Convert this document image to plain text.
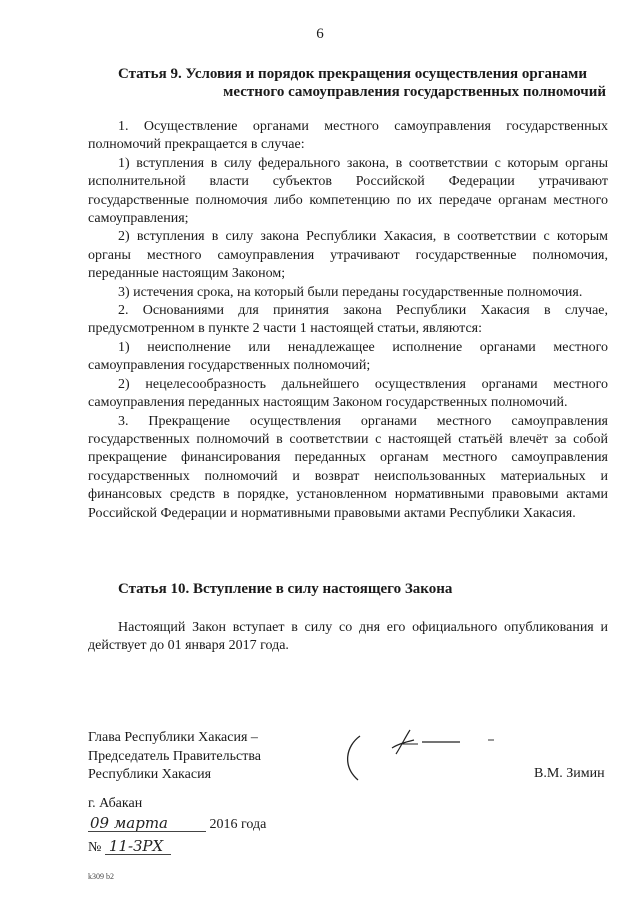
6
Статья 9. Условия и порядок прекращения осуществления органами
местного самоуправления государственных полномочий

1. Осуществление органами местного самоуправления государственных полномочий прекращается в случае:

1) вступления в силу федерального закона, в соответствии с которым органы исполнительной власти субъектов Российской Федерации утрачивают государственные полномочия либо компетенцию по их передаче органам местного самоуправления;

2) вступления в силу закона Республики Хакасия, в соответствии с которым органы местного самоуправления утрачивают государственные полномочия, переданные настоящим Законом;

3) истечения срока, на который были переданы государственные полномочия.

2. Основаниями для принятия закона Республики Хакасия в случае, предусмотренном в пункте 2 части 1 настоящей статьи, являются:

1) неисполнение или ненадлежащее исполнение органами местного самоуправления государственных полномочий;

2) нецелесообразность дальнейшего осуществления органами местного самоуправления переданных настоящим Законом государственных полномочий.

3. Прекращение осуществления органами местного самоуправления государственных полномочий в соответствии с настоящей статьёй влечёт за собой прекращение финансирования переданных органам местного самоуправления государственных полномочий и возврат неиспользованных материальных и финансовых средств в порядке, установленном нормативными правовыми актами Российской Федерации и нормативными правовыми актами Республики Хакасия.

Статья 10. Вступление в силу настоящего Закона

Настоящий Закон вступает в силу со дня его официального опубликования и действует до 01 января 2017 года.

Глава Республики Хакасия –
Председатель Правительства
Республики Хакасия	В.М. Зимин
г. Абакан
09 марта	2016 года
№ 11-ЗРХ
k309 b2
